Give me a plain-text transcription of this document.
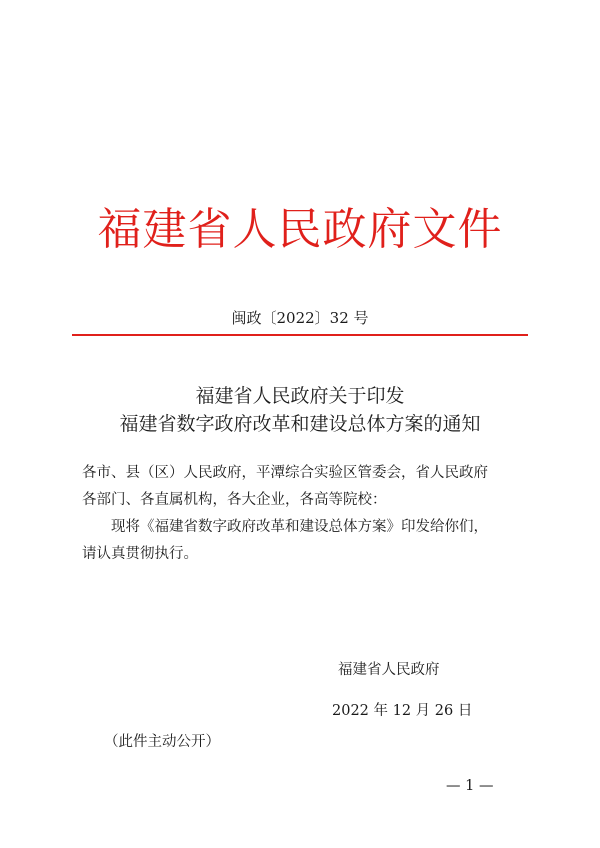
福建省人民政府文件
闽政〔2022〕32 号
福建省人民政府关于印发
福建省数字政府改革和建设总体方案的通知
各市、县（区）人民政府，平潭综合实验区管委会，省人民政府
各部门、各直属机构，各大企业，各高等院校：
现将《福建省数字政府改革和建设总体方案》印发给你们，
请认真贯彻执行。
福建省人民政府
2022 年 12 月 26 日
（此件主动公开）
— 1 —
